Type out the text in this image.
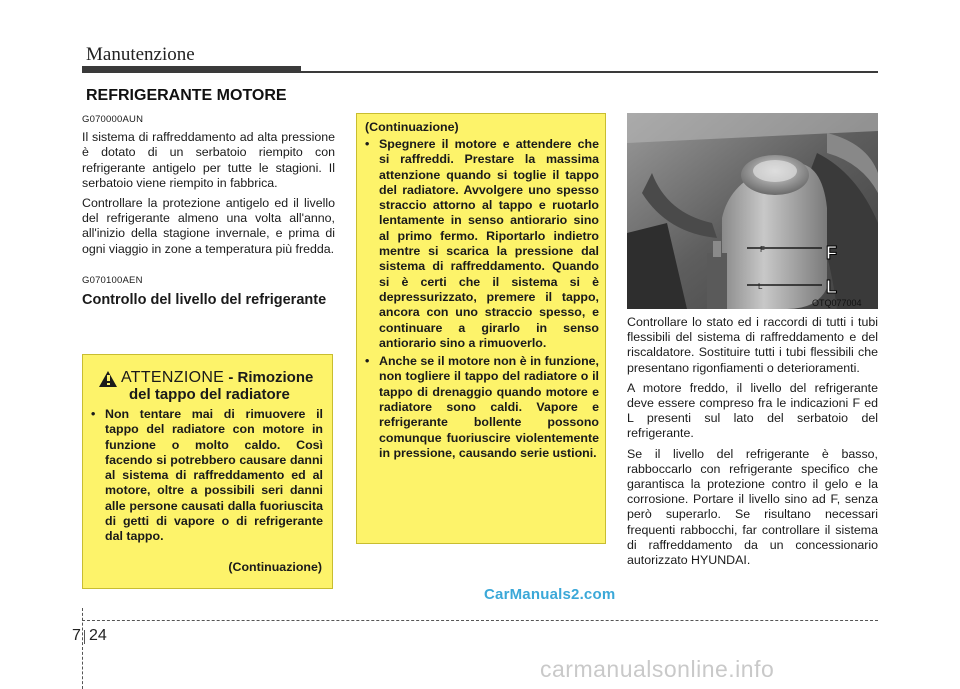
Manutenzione
REFRIGERANTE MOTORE
G070000AUN

Il sistema di raffreddamento ad alta pressione è dotato di un serbatoio riempito con refrigerante antigelo per tutte le stagioni. Il serbatoio viene riempito in fabbrica.

Controllare la protezione antigelo ed il livello del refrigerante almeno una volta all'anno, all'inizio della stagione invernale, e prima di ogni viaggio in zone a temperatura più fredda.

G070100AEN
Controllo del livello del refrigerante
ATTENZIONE - Rimozione
del tappo del radiatore
• Non tentare mai di rimuovere il tappo del radiatore con motore in funzione o molto caldo. Così facendo si potrebbero causare danni al sistema di raffreddamento ed al motore, oltre a possibili seri danni alle persone causati dalla fuoriuscita di getti di vapore o di refrigerante dal tappo.
(Continuazione)
(Continuazione)
• Spegnere il motore e attendere che si raffreddi. Prestare la massima attenzione quando si toglie il tappo del radiatore. Avvolgere uno spesso straccio attorno al tappo e ruotarlo lentamente in senso antiorario sino al primo fermo. Riportarlo indietro mentre si scarica la pressione dal sistema di raffreddamento. Quando si è certi che il sistema si è depressurizzato, premere il tappo, ancora con uno straccio spesso, e continuare a girarlo in senso antiorario sino a rimuoverlo.
• Anche se il motore non è in funzione, non togliere il tappo del radiatore o il tappo di drenaggio quando motore e radiatore sono caldi. Vapore e refrigerante bollente possono comunque fuoriuscire violentemente in pressione, causando serie ustioni.
F
L
F
L
OTQ077004

Controllare lo stato ed i raccordi di tutti i tubi flessibili del sistema di raffreddamento e del riscaldatore. Sostituire tutti i tubi flessibili che presentano rigonfiamenti o deterioramenti.

A motore freddo, il livello del refrigerante deve essere compreso fra le indicazioni F ed L presenti sul lato del serbatoio del refrigerante.

Se il livello del refrigerante è basso, rabboccarlo con refrigerante specifico che garantisca la protezione contro il gelo e la corrosione. Portare il livello sino ad F, senza però superarlo. Se risultano necessari frequenti rabbocchi, far controllare il sistema di raffreddamento da un concessionario autorizzato HYUNDAI.

CarManuals2.com
7 24
carmanualsonline.info
